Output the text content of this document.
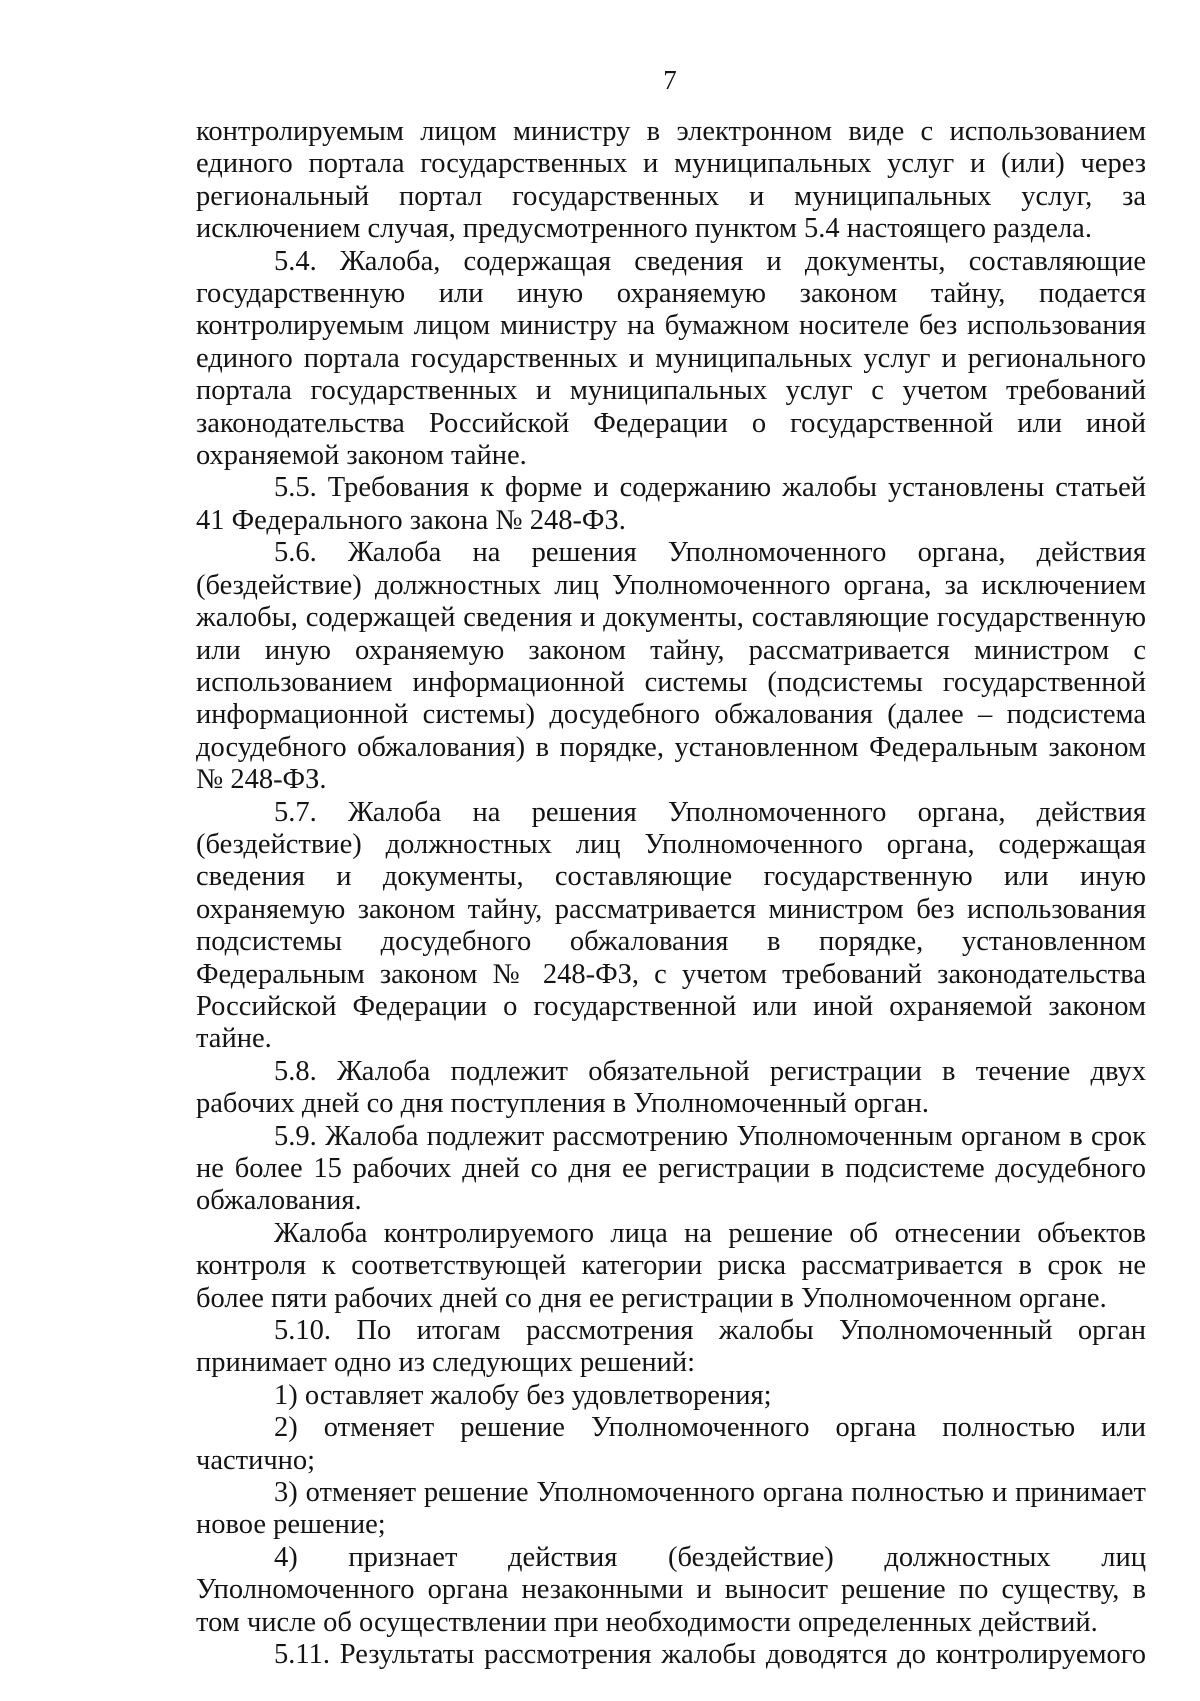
7

контролируемым лицом министру в электронном виде с использованием единого портала государственных и муниципальных услуг и (или) через региональный портал государственных и муниципальных услуг, за исключением случая, предусмотренного пунктом 5.4 настоящего раздела.

5.4. Жалоба, содержащая сведения и документы, составляющие государственную или иную охраняемую законом тайну, подается контролируемым лицом министру на бумажном носителе без использования единого портала государственных и муниципальных услуг и регионального портала государственных и муниципальных услуг с учетом требований законодательства Российской Федерации о государственной или иной охраняемой законом тайне.

5.5. Требования к форме и содержанию жалобы установлены статьей 41 Федерального закона № 248-ФЗ.

5.6. Жалоба на решения Уполномоченного органа, действия (бездействие) должностных лиц Уполномоченного органа, за исключением жалобы, содержащей сведения и документы, составляющие государственную или иную охраняемую законом тайну, рассматривается министром с использованием информационной системы (подсистемы государственной информационной системы) досудебного обжалования (далее – подсистема досудебного обжалования) в порядке, установленном Федеральным законом № 248-ФЗ.

5.7. Жалоба на решения Уполномоченного органа, действия (бездействие) должностных лиц Уполномоченного органа, содержащая сведения и документы, составляющие государственную или иную охраняемую законом тайну, рассматривается министром без использования подсистемы досудебного обжалования в порядке, установленном Федеральным законом № 248-ФЗ, с учетом требований законодательства Российской Федерации о государственной или иной охраняемой законом тайне.

5.8. Жалоба подлежит обязательной регистрации в течение двух рабочих дней со дня поступления в Уполномоченный орган.

5.9. Жалоба подлежит рассмотрению Уполномоченным органом в срок не более 15 рабочих дней со дня ее регистрации в подсистеме досудебного обжалования.

Жалоба контролируемого лица на решение об отнесении объектов контроля к соответствующей категории риска рассматривается в срок не более пяти рабочих дней со дня ее регистрации в Уполномоченном органе.

5.10. По итогам рассмотрения жалобы Уполномоченный орган принимает одно из следующих решений:

1) оставляет жалобу без удовлетворения;

2) отменяет решение Уполномоченного органа полностью или частично;

3) отменяет решение Уполномоченного органа полностью и принимает новое решение;

4) признает действия (бездействие) должностных лиц Уполномоченного органа незаконными и выносит решение по существу, в том числе об осуществлении при необходимости определенных действий.

5.11. Результаты рассмотрения жалобы доводятся до контролируемого
